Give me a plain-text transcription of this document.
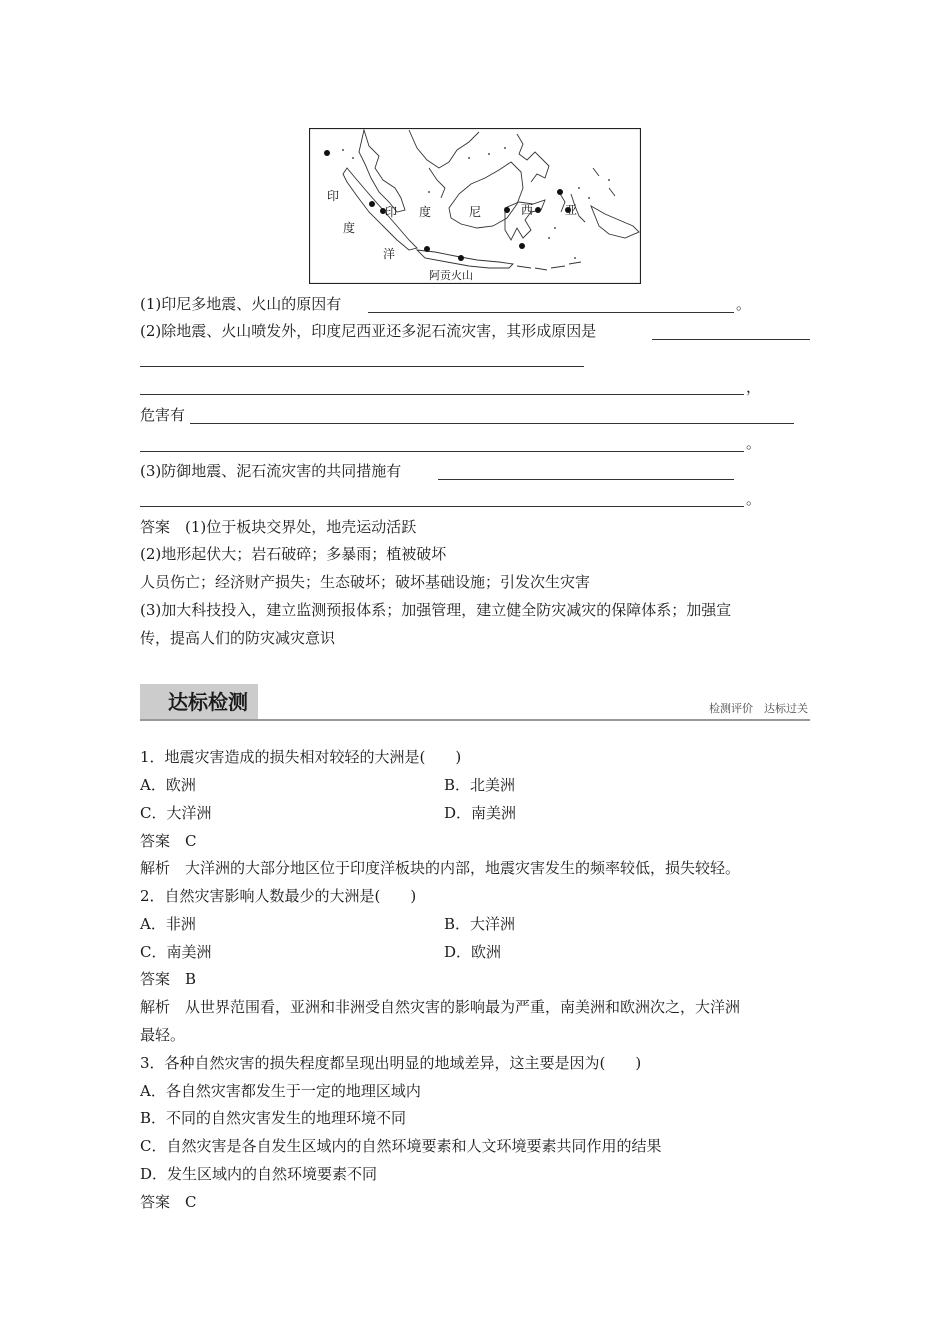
印
度
洋
印 度	尼	西	亚
阿贡火山
(1)印尼多地震、火山的原因有	。
(2)除地震、火山喷发外，印度尼西亚还多泥石流灾害，其形成原因是
，
危害有
。
(3)防御地震、泥石流灾害的共同措施有
。
答案　(1)位于板块交界处，地壳运动活跃
(2)地形起伏大；岩石破碎；多暴雨；植被破坏
人员伤亡；经济财产损失；生态破坏；破坏基础设施；引发次生灾害
(3)加大科技投入，建立监测预报体系；加强管理，建立健全防灾减灾的保障体系；加强宣
传，提高人们的防灾减灾意识
达标检测	检测评价　达标过关
1．地震灾害造成的损失相对较轻的大洲是(　　)
A．欧洲	B．北美洲
C．大洋洲	D．南美洲
答案　C
解析　大洋洲的大部分地区位于印度洋板块的内部，地震灾害发生的频率较低，损失较轻。
2．自然灾害影响人数最少的大洲是(　　)
A．非洲	B．大洋洲
C．南美洲	D．欧洲
答案　B
解析　从世界范围看，亚洲和非洲受自然灾害的影响最为严重，南美洲和欧洲次之，大洋洲
最轻。
3．各种自然灾害的损失程度都呈现出明显的地域差异，这主要是因为(　　)
A．各自然灾害都发生于一定的地理区域内
B．不同的自然灾害发生的地理环境不同
C．自然灾害是各自发生区域内的自然环境要素和人文环境要素共同作用的结果
D．发生区域内的自然环境要素不同
答案　C
